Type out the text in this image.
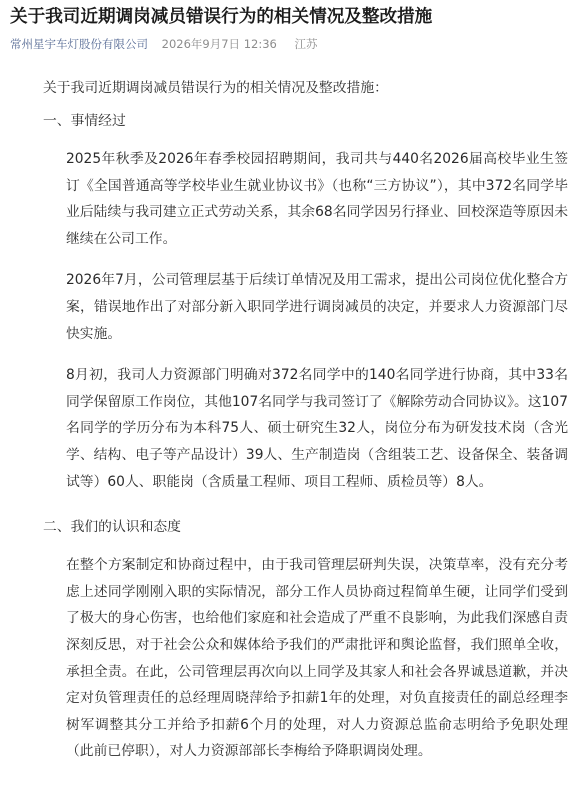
关于我司近期调岗减员错误行为的相关情况及整改措施
常州星宇车灯股份有限公司 2026年9月7日 12:36 江苏

关于我司近期调岗减员错误行为的相关情况及整改措施：

一、事情经过

2025年秋季及2026年春季校园招聘期间，我司共与440名2026届高校毕业生签订《全国普通高等学校毕业生就业协议书》（也称“三方协议”），其中372名同学毕业后陆续与我司建立正式劳动关系，其余68名同学因另行择业、回校深造等原因未继续在公司工作。

2026年7月，公司管理层基于后续订单情况及用工需求，提出公司岗位优化整合方案，错误地作出了对部分新入职同学进行调岗减员的决定，并要求人力资源部门尽快实施。

8月初，我司人力资源部门明确对372名同学中的140名同学进行协商，其中33名同学保留原工作岗位，其他107名同学与我司签订了《解除劳动合同协议》。这107名同学的学历分布为本科75人、硕士研究生32人，岗位分布为研发技术岗（含光学、结构、电子等产品设计）39人、生产制造岗（含组装工艺、设备保全、装备调试等）60人、职能岗（含质量工程师、项目工程师、质检员等）8人。

二、我们的认识和态度

在整个方案制定和协商过程中，由于我司管理层研判失误，决策草率，没有充分考虑上述同学刚刚入职的实际情况，部分工作人员协商过程简单生硬，让同学们受到了极大的身心伤害，也给他们家庭和社会造成了严重不良影响，为此我们深感自责深刻反思，对于社会公众和媒体给予我们的严肃批评和舆论监督，我们照单全收，承担全责。在此，公司管理层再次向以上同学及其家人和社会各界诚恳道歉，并决定对负管理责任的总经理周晓萍给予扣薪1年的处理，对负直接责任的副总经理李树军调整其分工并给予扣薪6个月的处理，对人力资源总监俞志明给予免职处理（此前已停职），对人力资源部部长李梅给予降职调岗处理。
